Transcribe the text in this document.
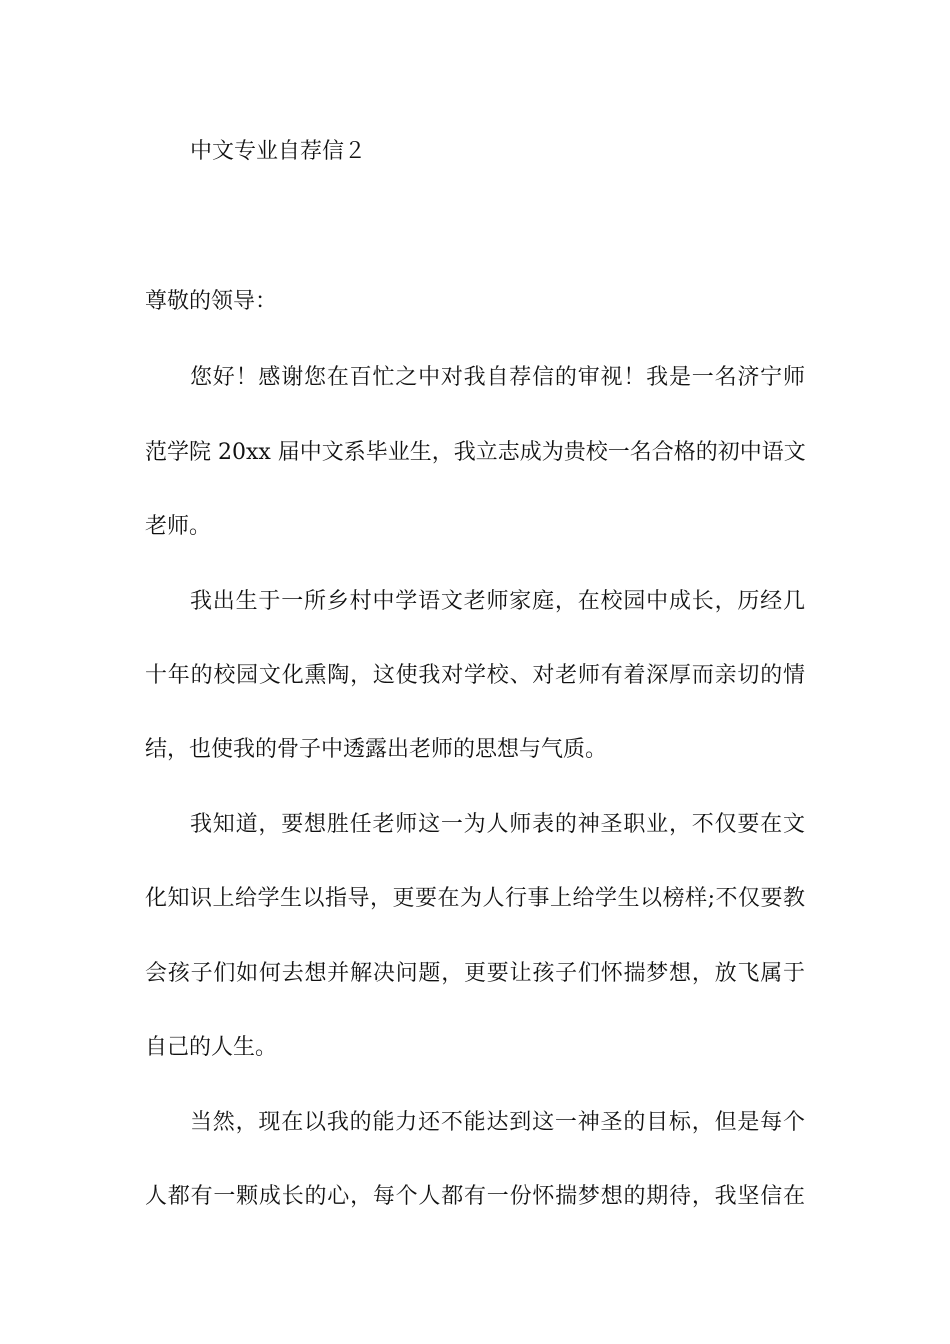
中文专业自荐信２
尊敬的领导：
您好！感谢您在百忙之中对我自荐信的审视！我是一名济宁师
范学院 20xx 届中文系毕业生，我立志成为贵校一名合格的初中语文
老师。
我出生于一所乡村中学语文老师家庭，在校园中成长，历经几
十年的校园文化熏陶，这使我对学校、对老师有着深厚而亲切的情
结，也使我的骨子中透露出老师的思想与气质。
我知道，要想胜任老师这一为人师表的神圣职业，不仅要在文
化知识上给学生以指导，更要在为人行事上给学生以榜样;不仅要教
会孩子们如何去想并解决问题，更要让孩子们怀揣梦想，放飞属于
自己的人生。
当然，现在以我的能力还不能达到这一神圣的目标，但是每个
人都有一颗成长的心，每个人都有一份怀揣梦想的期待，我坚信在
